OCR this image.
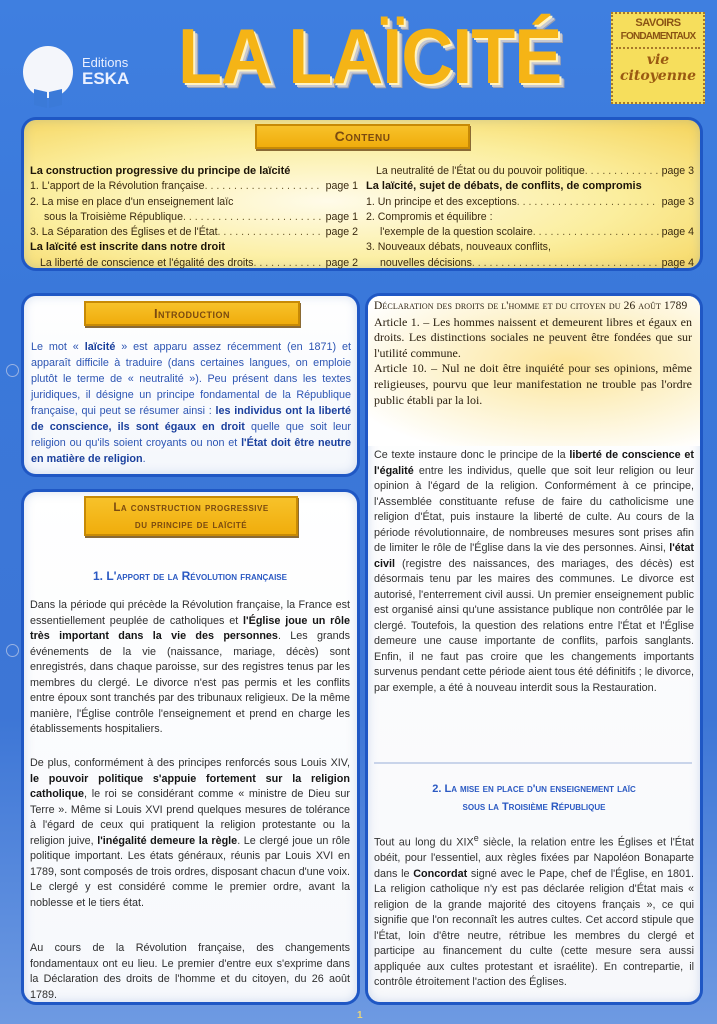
Editions
ESKA LA LAÏCITÉ	SAVOIRS
FONDAMENTAUX
vie
citoyenne
Contenu
La construction progressive du principe de laïcité
1. L'apport de la Révolution française . . .	page 1
2. La mise en place d'un enseignement laïc
sous la Troisième République . . .	page 1
3. La Séparation des Églises et de l'État . . .	page 2
La laïcité est inscrite dans notre droit
La liberté de conscience et l'égalité des droits . . .	page 2
La neutralité de l'État ou du pouvoir politique . . .	page 3
La laïcité, sujet de débats, de conflits, de compromis
1. Un principe et des exceptions . . .	page 3
2. Compromis et équilibre :
l'exemple de la question scolaire . . .	page 4
3. Nouveaux débats, nouveaux conflits,
nouvelles décisions . . .	page 4
Introduction

Le mot « laïcité » est apparu assez récemment (en 1871) et apparaît difficile à traduire (dans certaines langues, on emploie plutôt le terme de « neutralité »). Peu présent dans les textes juridiques, il désigne un principe fondamental de la République française, qui peut se résumer ainsi : les individus ont la liberté de conscience, ils sont égaux en droit quelle que soit leur religion ou qu'ils soient croyants ou non et l'État doit être neutre en matière de religion.

La construction progressive
du principe de laïcité
1. L'apport de la Révolution française

Dans la période qui précède la Révolution française, la France est essentiellement peuplée de catholiques et l'Église joue un rôle très important dans la vie des personnes. Les grands événements de la vie (naissance, mariage, décès) sont enregistrés, dans chaque paroisse, sur des registres tenus par les membres du clergé. Le divorce n'est pas permis et les conflits entre époux sont tranchés par des tribunaux religieux. De la même manière, l'Église contrôle l'enseignement et prend en charge les établissements hospitaliers.

De plus, conformément à des principes renforcés sous Louis XIV, le pouvoir politique s'appuie fortement sur la religion catholique, le roi se considérant comme « ministre de Dieu sur Terre ». Même si Louis XVI prend quelques mesures de tolérance à l'égard de ceux qui pratiquent la religion protestante ou la religion juive, l'inégalité demeure la règle. Le clergé joue un rôle politique important. Les états généraux, réunis par Louis XVI en 1789, sont composés de trois ordres, disposant chacun d'une voix. Le clergé y est considéré comme le premier ordre, avant la noblesse et le tiers état.

Au cours de la Révolution française, des changements fondamentaux ont eu lieu. Le premier d'entre eux s'exprime dans la Déclaration des droits de l'homme et du citoyen, du 26 août 1789.

Déclaration des droits de l'homme et du citoyen du 26 août 1789
Article 1. – Les hommes naissent et demeurent libres et égaux en droits. Les distinctions sociales ne peuvent être fondées que sur l'utilité commune.
Article 10. – Nul ne doit être inquiété pour ses opinions, même religieuses, pourvu que leur manifestation ne trouble pas l'ordre public établi par la loi.

Ce texte instaure donc le principe de la liberté de conscience et l'égalité entre les individus, quelle que soit leur religion ou leur opinion à l'égard de la religion. Conformément à ce principe, l'Assemblée constituante refuse de faire du catholicisme une religion d'État, puis instaure la liberté de culte. Au cours de la période révolutionnaire, de nombreuses mesures sont prises afin de limiter le rôle de l'Église dans la vie des personnes. Ainsi, l'état civil (registre des naissances, des mariages, des décès) est désormais tenu par les maires des communes. Le divorce est autorisé, l'enterrement civil aussi. Un premier enseignement public est organisé ainsi qu'une assistance publique non contrôlée par le clergé. Toutefois, la question des relations entre l'État et l'Église demeure une cause importante de conflits, parfois sanglants. Enfin, il ne faut pas croire que les changements importants survenus pendant cette période aient tous été définitifs ; le divorce, par exemple, a été à nouveau interdit sous la Restauration.

2. La mise en place d'un enseignement laïc
sous la Troisième République

Tout au long du XIXe siècle, la relation entre les Églises et l'État obéit, pour l'essentiel, aux règles fixées par Napoléon Bonaparte dans le Concordat signé avec le Pape, chef de l'Église, en 1801. La religion catholique n'y est pas déclarée religion d'État mais « religion de la grande majorité des citoyens français », ce qui signifie que l'on reconnaît les autres cultes. Cet accord stipule que l'État, loin d'être neutre, rétribue les membres du clergé et participe au financement du culte (cette mesure sera aussi appliquée aux cultes protestant et israélite). En contrepartie, il contrôle étroitement l'action des Églises.

1
